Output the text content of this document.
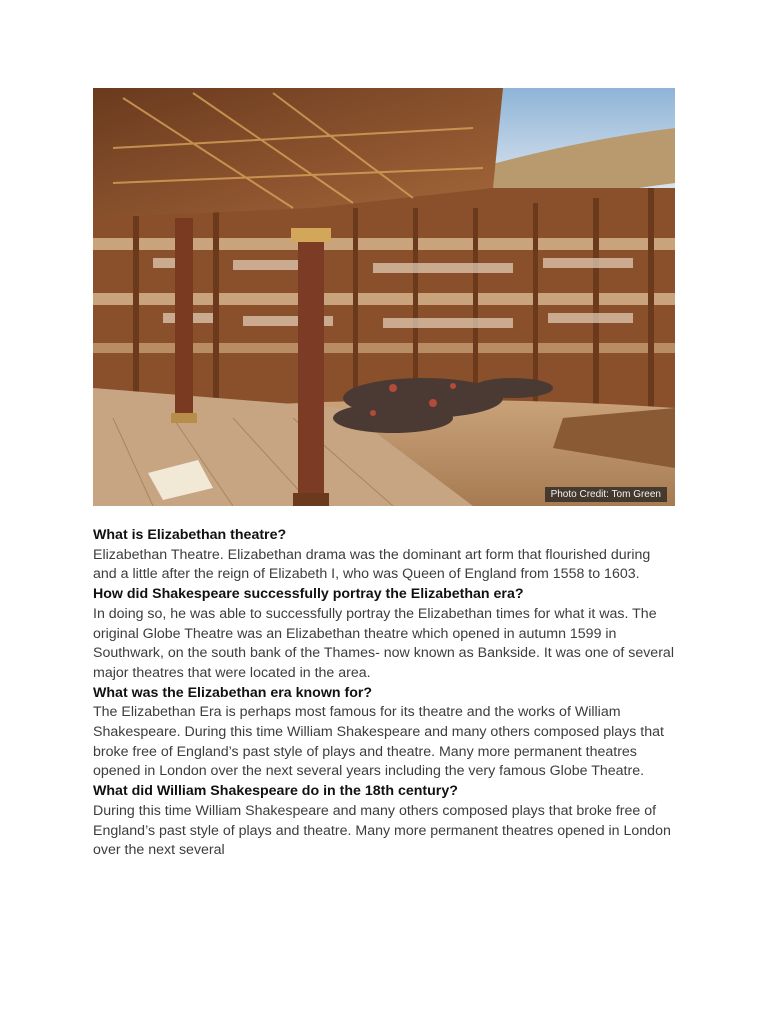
Photo Credit: Tom Green

What is Elizabethan theatre?

Elizabethan Theatre. Elizabethan drama was the dominant art form that flourished during and a little after the reign of Elizabeth I, who was Queen of England from 1558 to 1603.

How did Shakespeare successfully portray the Elizabethan era?

In doing so, he was able to successfully portray the Elizabethan times for what it was. The original Globe Theatre was an Elizabethan theatre which opened in autumn 1599 in Southwark, on the south bank of the Thames- now known as Bankside. It was one of several major theatres that were located in the area.

What was the Elizabethan era known for?

The Elizabethan Era is perhaps most famous for its theatre and the works of William Shakespeare. During this time William Shakespeare and many others composed plays that broke free of England’s past style of plays and theatre. Many more permanent theatres opened in London over the next several years including the very famous Globe Theatre.

What did William Shakespeare do in the 18th century?

During this time William Shakespeare and many others composed plays that broke free of England’s past style of plays and theatre. Many more permanent theatres opened in London over the next several
